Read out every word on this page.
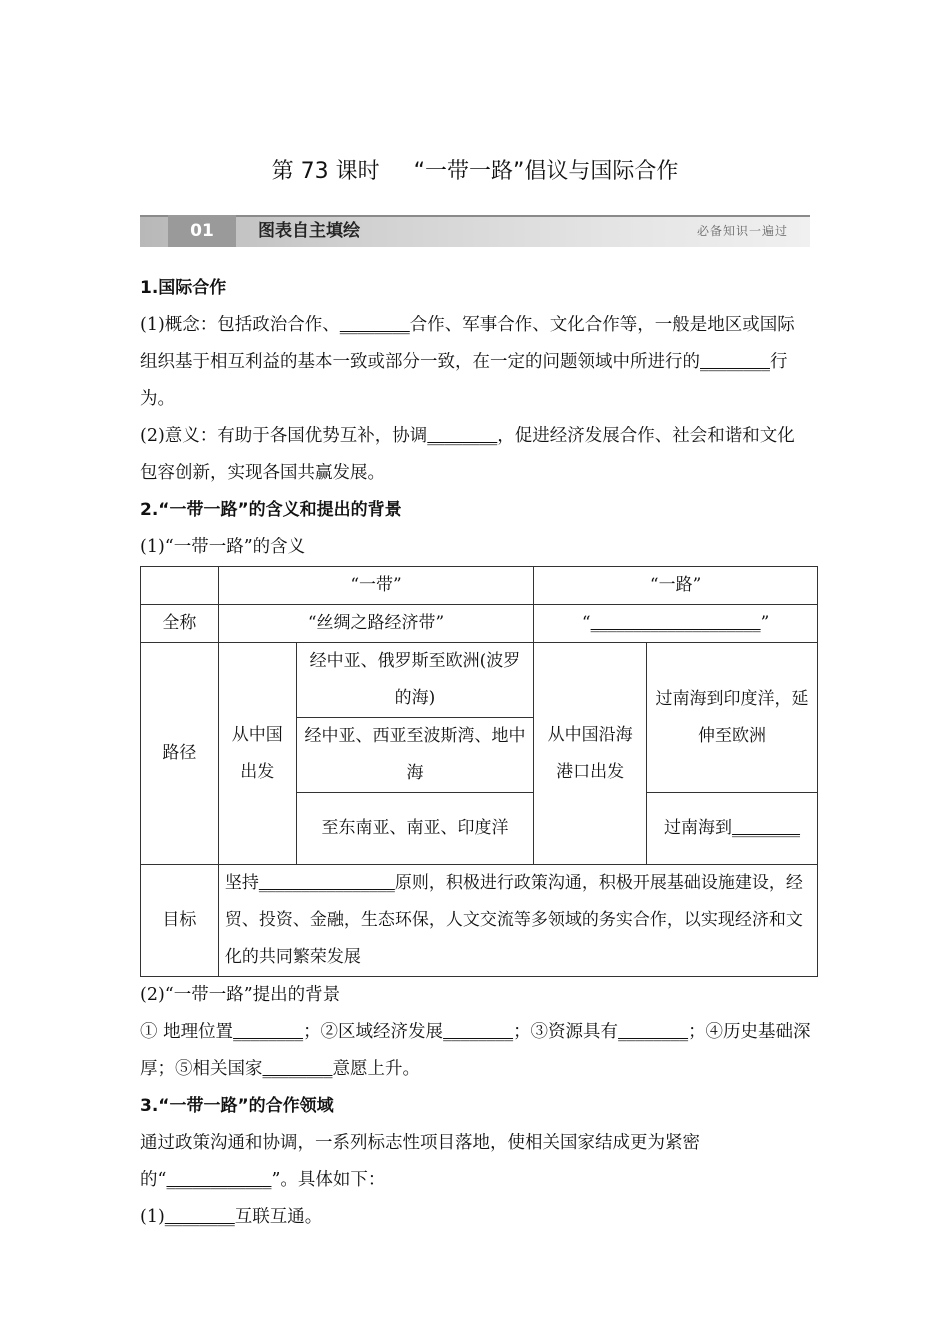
第 73 课时 “一带一路”倡议与国际合作
01	图表自主填绘	必备知识一遍过

1.国际合作

(1)概念：包括政治合作、________合作、军事合作、文化合作等，一般是地区或国际组织基于相互利益的基本一致或部分一致，在一定的问题领域中所进行的________行为。

(2)意义：有助于各国优势互补，协调________，促进经济发展合作、社会和谐和文化包容创新，实现各国共赢发展。

2.“一带一路”的含义和提出的背景

(1)“一带一路”的含义

	“一带”		“一路”	
全称	“丝绸之路经济带”		“____________________”	
路径	从中国出发	经中亚、俄罗斯至欧洲(波罗的海)	从中国沿海港口出发	过南海到印度洋，延伸至欧洲
		经中亚、西亚至波斯湾、地中海		
		至东南亚、南亚、印度洋		过南海到________
目标	坚持________________原则，积极进行政策沟通，积极开展基础设施建设，经贸、投资、金融，生态环保，人文交流等多领域的务实合作，以实现经济和文化的共同繁荣发展			

(2)“一带一路”提出的背景

① 地理位置________；②区域经济发展________；③资源具有________；④历史基础深厚；⑤相关国家________意愿上升。

3.“一带一路”的合作领域

通过政策沟通和协调，一系列标志性项目落地，使相关国家结成更为紧密的“____________”。具体如下：

(1)________互联互通。
